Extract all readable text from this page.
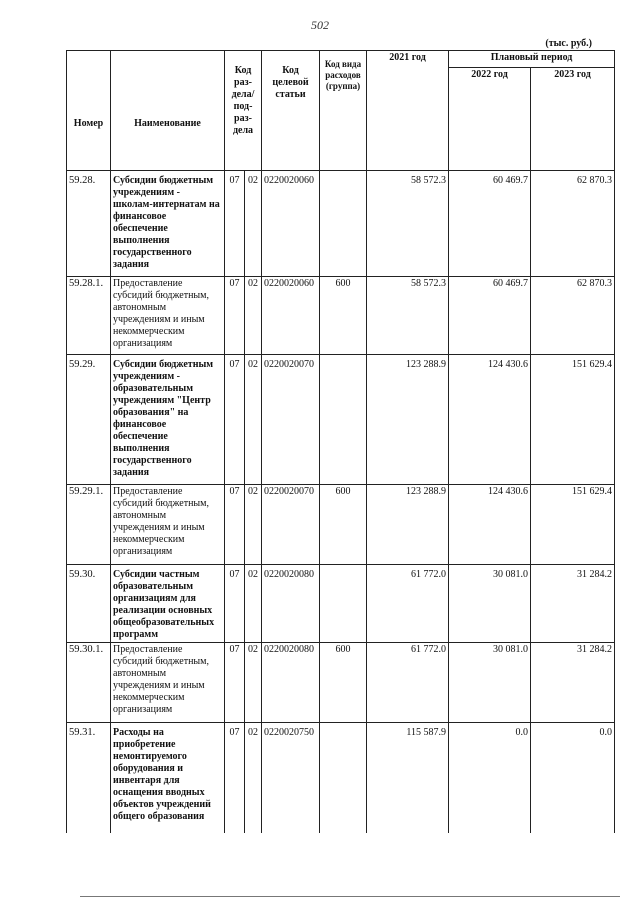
502
(тыс. руб.)
Номер	Наименование	Код раз- дела/ под- раз- дела		Код целевой статьи	Код вида расходов (группа)	2021 год	Плановый период	
							2022 год	2023 год
59.28.	Субсидии бюджетным учреждениям - школам-интернатам на финансовое обеспечение выполнения государственного задания	07	02	0220020060		58 572.3	60 469.7	62 870.3
59.28.1.	Предоставление субсидий бюджетным, автономным учреждениям и иным некоммерческим организациям	07	02	0220020060	600	58 572.3	60 469.7	62 870.3
59.29.	Субсидии бюджетным учреждениям - образовательным учреждениям "Центр образования" на финансовое обеспечение выполнения государственного задания	07	02	0220020070		123 288.9	124 430.6	151 629.4
59.29.1.	Предоставление субсидий бюджетным, автономным учреждениям и иным некоммерческим организациям	07	02	0220020070	600	123 288.9	124 430.6	151 629.4
59.30.	Субсидии частным образовательным организациям для реализации основных общеобразовательных программ	07	02	0220020080		61 772.0	30 081.0	31 284.2
59.30.1.	Предоставление субсидий бюджетным, автономным учреждениям и иным некоммерческим организациям	07	02	0220020080	600	61 772.0	30 081.0	31 284.2
59.31.	Расходы на приобретение немонтируемого оборудования и инвентаря для оснащения вводных объектов учреждений общего образования	07	02	0220020750		115 587.9	0.0	0.0
